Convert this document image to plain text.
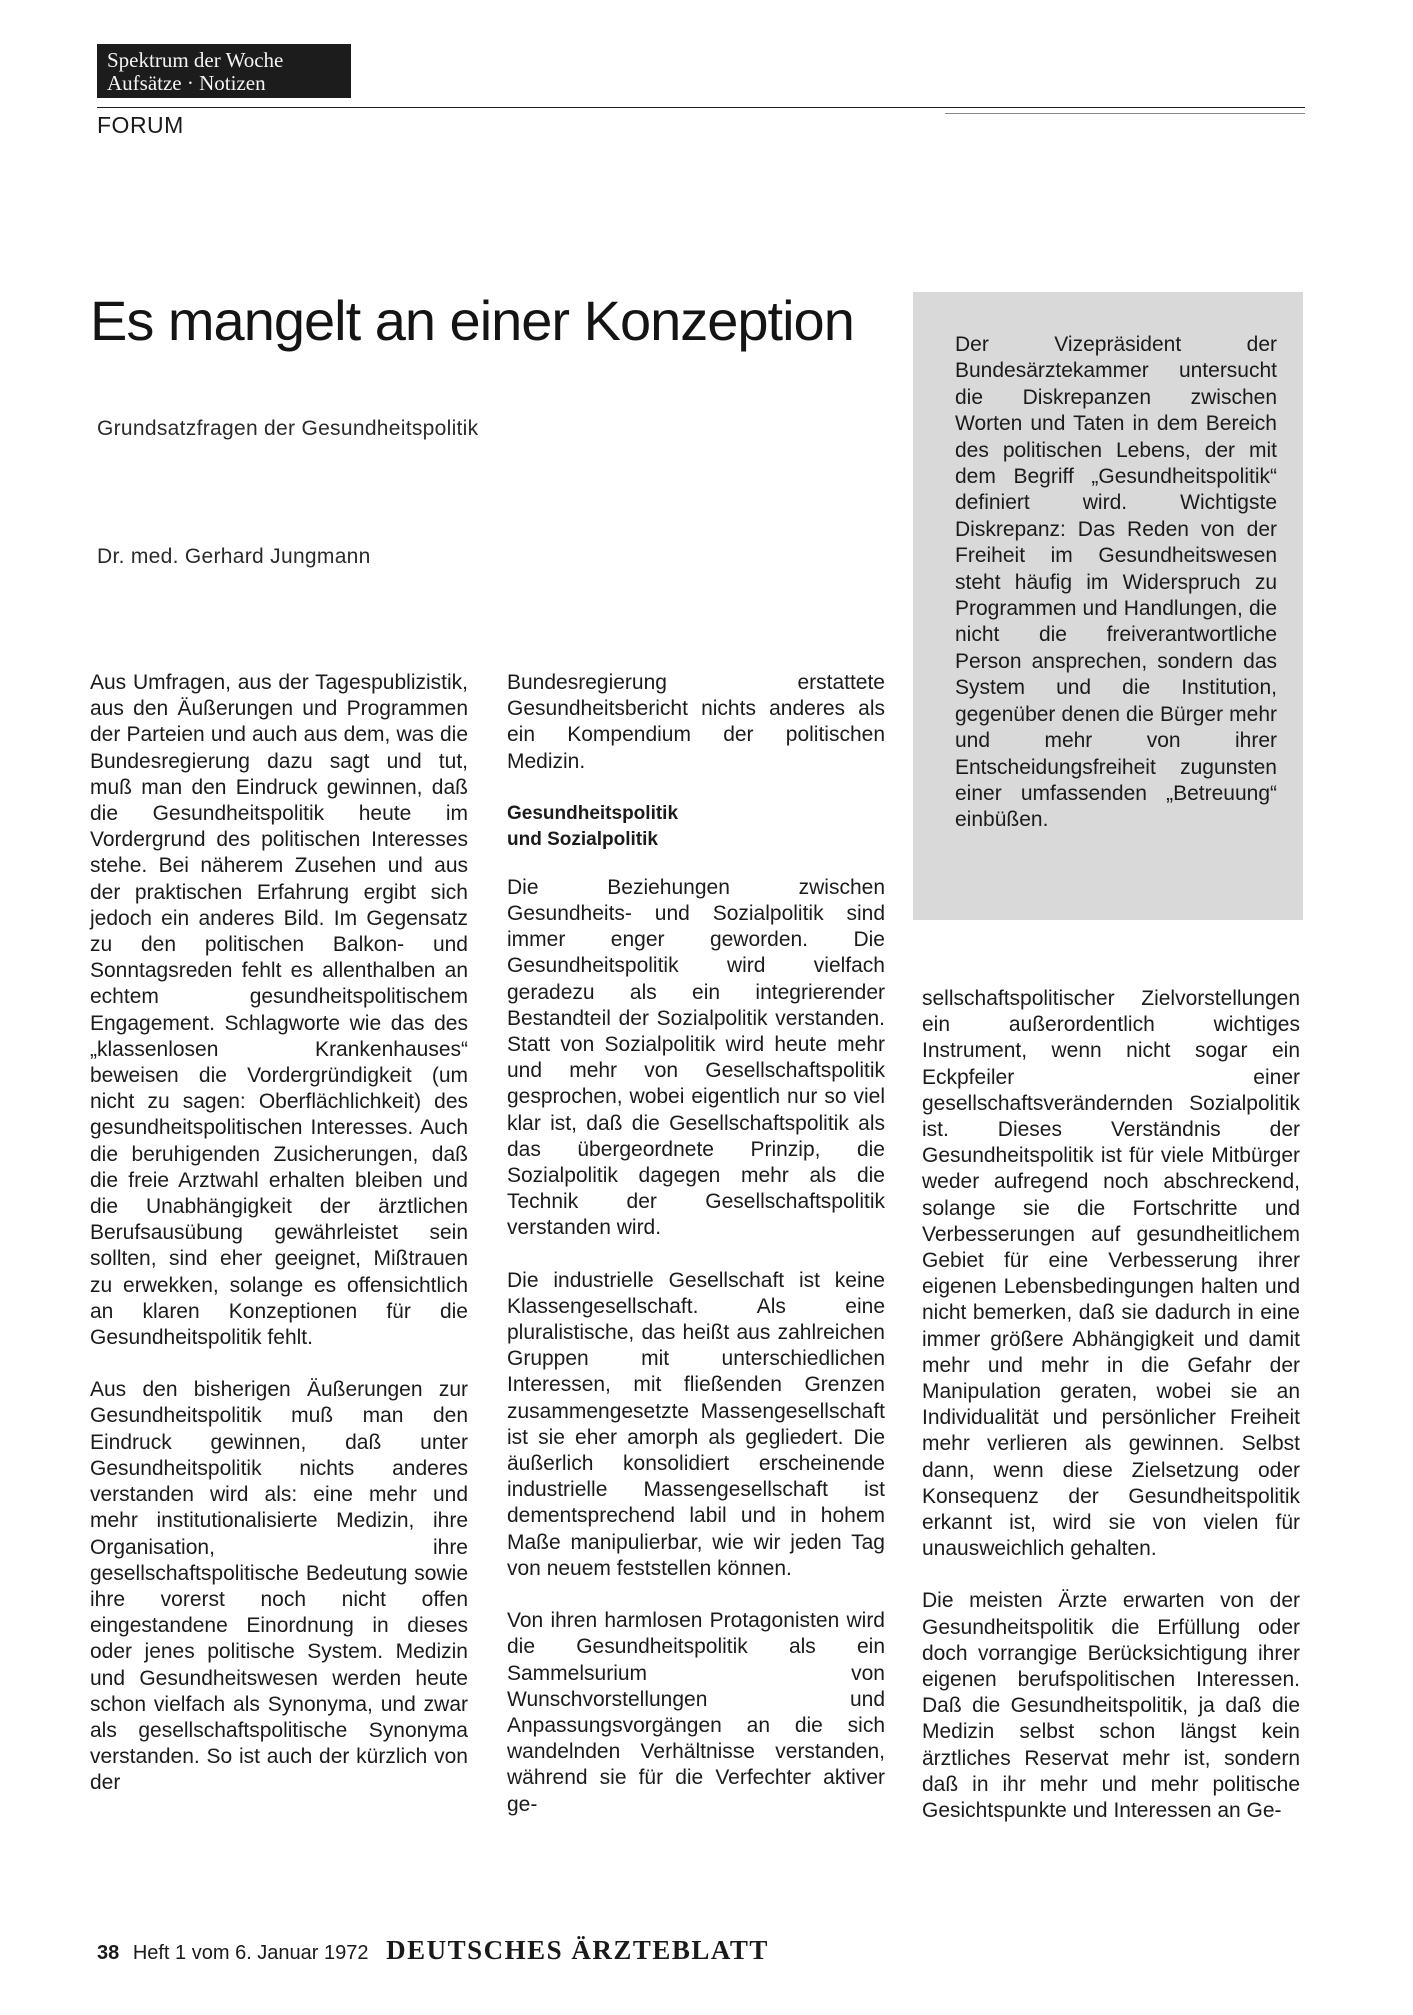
Spektrum der Woche
Aufsätze · Notizen
FORUM
Es mangelt an einer Konzeption
Grundsatzfragen der Gesundheitspolitik
Dr. med. Gerhard Jungmann
Der Vizepräsident der Bundesärztekammer untersucht die Diskrepanzen zwischen Worten und Taten in dem Bereich des politischen Lebens, der mit dem Begriff „Gesundheitspolitik“ definiert wird. Wichtigste Diskrepanz: Das Reden von der Freiheit im Gesundheitswesen steht häufig im Widerspruch zu Programmen und Handlungen, die nicht die freiverantwortliche Person ansprechen, sondern das System und die Institution, gegenüber denen die Bürger mehr und mehr von ihrer Entscheidungsfreiheit zugunsten einer umfassenden „Betreuung“ einbüßen.

Aus Umfragen, aus der Tagespublizistik, aus den Äußerungen und Programmen der Parteien und auch aus dem, was die Bundesregierung dazu sagt und tut, muß man den Eindruck gewinnen, daß die Gesundheitspolitik heute im Vordergrund des politischen Interesses stehe. Bei näherem Zusehen und aus der praktischen Erfahrung ergibt sich jedoch ein anderes Bild. Im Gegensatz zu den politischen Balkon- und Sonntagsreden fehlt es allenthalben an echtem gesundheitspolitischem Engagement. Schlagworte wie das des „klassenlosen Krankenhauses“ beweisen die Vordergründigkeit (um nicht zu sagen: Oberflächlichkeit) des gesundheitspolitischen Interesses. Auch die beruhigenden Zusicherungen, daß die freie Arztwahl erhalten bleiben und die Unabhängigkeit der ärztlichen Berufsausübung gewährleistet sein sollten, sind eher geeignet, Mißtrauen zu erwekken, solange es offensichtlich an klaren Konzeptionen für die Gesundheitspolitik fehlt.

Aus den bisherigen Äußerungen zur Gesundheitspolitik muß man den Eindruck gewinnen, daß unter Gesundheitspolitik nichts anderes verstanden wird als: eine mehr und mehr institutionalisierte Medizin, ihre Organisation, ihre gesellschaftspolitische Bedeutung sowie ihre vorerst noch nicht offen eingestandene Einordnung in dieses oder jenes politische System. Medizin und Gesundheitswesen werden heute schon vielfach als Synonyma, und zwar als gesellschaftspolitische Synonyma verstanden. So ist auch der kürzlich von der

Bundesregierung erstattete Gesundheitsbericht nichts anderes als ein Kompendium der politischen Medizin.

Gesundheitspolitik
und Sozialpolitik

Die Beziehungen zwischen Gesundheits- und Sozialpolitik sind immer enger geworden. Die Gesundheitspolitik wird vielfach geradezu als ein integrierender Bestandteil der Sozialpolitik verstanden. Statt von Sozialpolitik wird heute mehr und mehr von Gesellschaftspolitik gesprochen, wobei eigentlich nur so viel klar ist, daß die Gesellschaftspolitik als das übergeordnete Prinzip, die Sozialpolitik dagegen mehr als die Technik der Gesellschaftspolitik verstanden wird.

Die industrielle Gesellschaft ist keine Klassengesellschaft. Als eine pluralistische, das heißt aus zahlreichen Gruppen mit unterschiedlichen Interessen, mit fließenden Grenzen zusammengesetzte Massengesellschaft ist sie eher amorph als gegliedert. Die äußerlich konsolidiert erscheinende industrielle Massengesellschaft ist dementsprechend labil und in hohem Maße manipulierbar, wie wir jeden Tag von neuem feststellen können.

Von ihren harmlosen Protagonisten wird die Gesundheitspolitik als ein Sammelsurium von Wunschvorstellungen und Anpassungsvorgängen an die sich wandelnden Verhältnisse verstanden, während sie für die Verfechter aktiver ge-

sellschaftspolitischer Zielvorstellungen ein außerordentlich wichtiges Instrument, wenn nicht sogar ein Eckpfeiler einer gesellschaftsverändernden Sozialpolitik ist. Dieses Verständnis der Gesundheitspolitik ist für viele Mitbürger weder aufregend noch abschreckend, solange sie die Fortschritte und Verbesserungen auf gesundheitlichem Gebiet für eine Verbesserung ihrer eigenen Lebensbedingungen halten und nicht bemerken, daß sie dadurch in eine immer größere Abhängigkeit und damit mehr und mehr in die Gefahr der Manipulation geraten, wobei sie an Individualität und persönlicher Freiheit mehr verlieren als gewinnen. Selbst dann, wenn diese Zielsetzung oder Konsequenz der Gesundheitspolitik erkannt ist, wird sie von vielen für unausweichlich gehalten.

Die meisten Ärzte erwarten von der Gesundheitspolitik die Erfüllung oder doch vorrangige Berücksichtigung ihrer eigenen berufspolitischen Interessen. Daß die Gesundheitspolitik, ja daß die Medizin selbst schon längst kein ärztliches Reservat mehr ist, sondern daß in ihr mehr und mehr politische Gesichtspunkte und Interessen an Ge-

38 Heft 1 vom 6. Januar 1972 DEUTSCHES ÄRZTEBLATT
